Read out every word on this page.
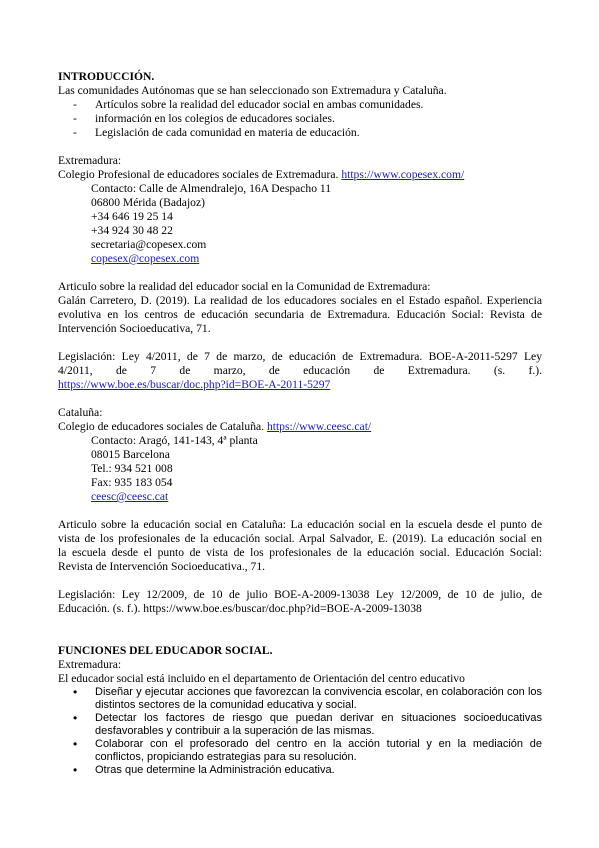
INTRODUCCIÓN.

Las comunidades Autónomas que se han seleccionado son Extremadura y Cataluña.

- Artículos sobre la realidad del educador social en ambas comunidades.
- información en los colegios de educadores sociales.
- Legislación de cada comunidad en materia de educación.

Extremadura:

Colegio Profesional de educadores sociales de Extremadura. https://www.copesex.com/

Contacto: Calle de Almendralejo, 16A Despacho 11

06800 Mérida (Badajoz)

+34 646 19 25 14

+34 924 30 48 22

secretaria@copesex.com

copesex@copesex.com

Articulo sobre la realidad del educador social en la Comunidad de Extremadura:

Galán Carretero, D. (2019). La realidad de los educadores sociales en el Estado español. Experiencia

evolutiva en los centros de educación secundaria de Extremadura. Educación Social: Revista de

Intervención Socioeducativa, 71.

Legislación: Ley 4/2011, de 7 de marzo, de educación de Extremadura. BOE-A-2011-5297 Ley

4/2011, de 7 de marzo, de educación de Extremadura. (s. f.).

https://www.boe.es/buscar/doc.php?id=BOE-A-2011-5297

Cataluña:

Colegio de educadores sociales de Cataluña. https://www.ceesc.cat/

Contacto: Aragó, 141-143, 4ª planta

08015 Barcelona

Tel.: 934 521 008

Fax: 935 183 054

ceesc@ceesc.cat

Articulo sobre la educación social en Cataluña: La educación social en la escuela desde el punto de

vista de los profesionales de la educación social. Arpal Salvador, E. (2019). La educación social en

la escuela desde el punto de vista de los profesionales de la educación social. Educación Social:

Revista de Intervención Socioeducativa., 71.

Legislación: Ley 12/2009, de 10 de julio BOE-A-2009-13038 Ley 12/2009, de 10 de julio, de

Educación. (s. f.). https://www.boe.es/buscar/doc.php?id=BOE-A-2009-13038

FUNCIONES DEL EDUCADOR SOCIAL.

Extremadura:

El educador social está incluido en el departamento de Orientación del centro educativo

• Diseñar y ejecutar acciones que favorezcan la convivencia escolar, en colaboración con los distintos sectores de la comunidad educativa y social.
• Detectar los factores de riesgo que puedan derivar en situaciones socioeducativas desfavorables y contribuir a la superación de las mismas.
• Colaborar con el profesorado del centro en la acción tutorial y en la mediación de conflictos, propiciando estrategias para su resolución.
• Otras que determine la Administración educativa.
